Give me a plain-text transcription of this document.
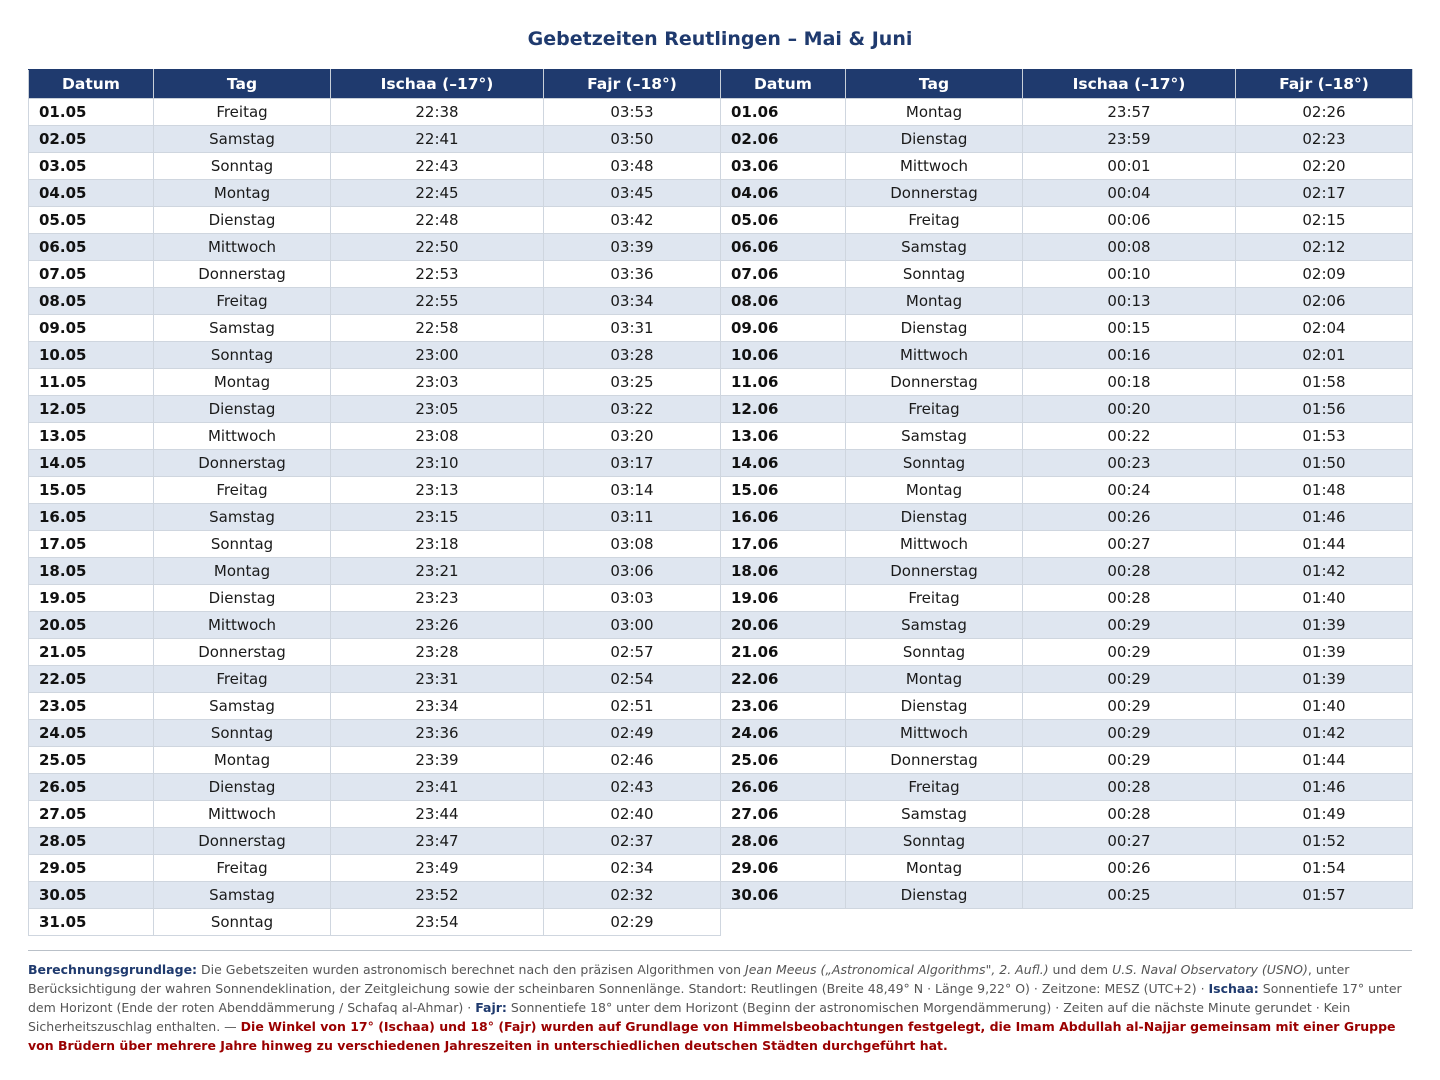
Gebetzeiten Reutlingen – Mai & Juni
Datum	Tag	Ischaa (–17°)	Fajr (–18°)
01.05	Freitag	22:38	03:53
02.05	Samstag	22:41	03:50
03.05	Sonntag	22:43	03:48
04.05	Montag	22:45	03:45
05.05	Dienstag	22:48	03:42
06.05	Mittwoch	22:50	03:39
07.05	Donnerstag	22:53	03:36
08.05	Freitag	22:55	03:34
09.05	Samstag	22:58	03:31
10.05	Sonntag	23:00	03:28
11.05	Montag	23:03	03:25
12.05	Dienstag	23:05	03:22
13.05	Mittwoch	23:08	03:20
14.05	Donnerstag	23:10	03:17
15.05	Freitag	23:13	03:14
16.05	Samstag	23:15	03:11
17.05	Sonntag	23:18	03:08
18.05	Montag	23:21	03:06
19.05	Dienstag	23:23	03:03
20.05	Mittwoch	23:26	03:00
21.05	Donnerstag	23:28	02:57
22.05	Freitag	23:31	02:54
23.05	Samstag	23:34	02:51
24.05	Sonntag	23:36	02:49
25.05	Montag	23:39	02:46
26.05	Dienstag	23:41	02:43
27.05	Mittwoch	23:44	02:40
28.05	Donnerstag	23:47	02:37
29.05	Freitag	23:49	02:34
30.05	Samstag	23:52	02:32
31.05	Sonntag	23:54	02:29
Datum	Tag	Ischaa (–17°)	Fajr (–18°)
01.06	Montag	23:57	02:26
02.06	Dienstag	23:59	02:23
03.06	Mittwoch	00:01	02:20
04.06	Donnerstag	00:04	02:17
05.06	Freitag	00:06	02:15
06.06	Samstag	00:08	02:12
07.06	Sonntag	00:10	02:09
08.06	Montag	00:13	02:06
09.06	Dienstag	00:15	02:04
10.06	Mittwoch	00:16	02:01
11.06	Donnerstag	00:18	01:58
12.06	Freitag	00:20	01:56
13.06	Samstag	00:22	01:53
14.06	Sonntag	00:23	01:50
15.06	Montag	00:24	01:48
16.06	Dienstag	00:26	01:46
17.06	Mittwoch	00:27	01:44
18.06	Donnerstag	00:28	01:42
19.06	Freitag	00:28	01:40
20.06	Samstag	00:29	01:39
21.06	Sonntag	00:29	01:39
22.06	Montag	00:29	01:39
23.06	Dienstag	00:29	01:40
24.06	Mittwoch	00:29	01:42
25.06	Donnerstag	00:29	01:44
26.06	Freitag	00:28	01:46
27.06	Samstag	00:28	01:49
28.06	Sonntag	00:27	01:52
29.06	Montag	00:26	01:54
30.06	Dienstag	00:25	01:57
Berechnungsgrundlage: Die Gebetszeiten wurden astronomisch berechnet nach den präzisen Algorithmen von Jean Meeus („Astronomical Algorithms", 2. Aufl.) und dem U.S. Naval Observatory (USNO), unter Berücksichtigung der wahren Sonnendeklination, der Zeitgleichung sowie der scheinbaren Sonnenlänge. Standort: Reutlingen (Breite 48,49° N · Länge 9,22° O) · Zeitzone: MESZ (UTC+2) · Ischaa: Sonnentiefe 17° unter dem Horizont (Ende der roten Abenddämmerung / Schafaq al-Ahmar) · Fajr: Sonnentiefe 18° unter dem Horizont (Beginn der astronomischen Morgendämmerung) · Zeiten auf die nächste Minute gerundet · Kein Sicherheitszuschlag enthalten. — Die Winkel von 17° (Ischaa) und 18° (Fajr) wurden auf Grundlage von Himmelsbeobachtungen festgelegt, die Imam Abdullah al-Najjar gemeinsam mit einer Gruppe von Brüdern über mehrere Jahre hinweg zu verschiedenen Jahreszeiten in unterschiedlichen deutschen Städten durchgeführt hat.
